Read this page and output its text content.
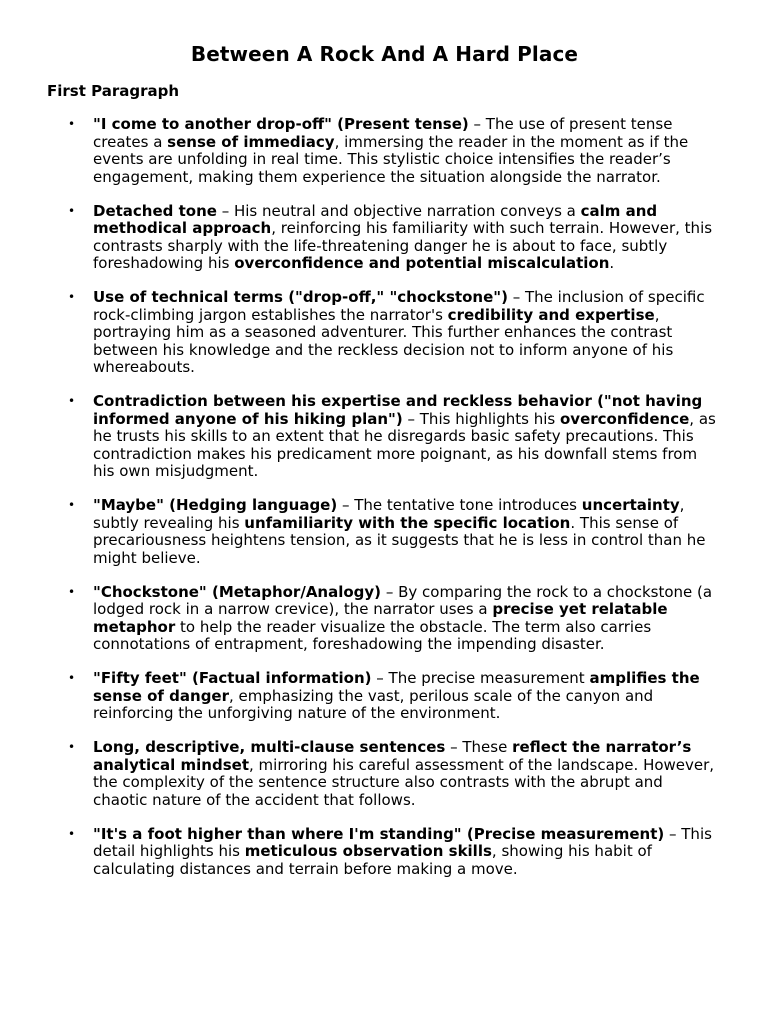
Between A Rock And A Hard Place
First Paragraph
• "I come to another drop-off" (Present tense) – The use of present tense creates a sense of immediacy, immersing the reader in the moment as if the events are unfolding in real time. This stylistic choice intensifies the reader’s engagement, making them experience the situation alongside the narrator.
• Detached tone – His neutral and objective narration conveys a calm and methodical approach, reinforcing his familiarity with such terrain. However, this contrasts sharply with the life-threatening danger he is about to face, subtly foreshadowing his overconfidence and potential miscalculation.
• Use of technical terms ("drop-off," "chockstone") – The inclusion of specific rock-climbing jargon establishes the narrator's credibility and expertise, portraying him as a seasoned adventurer. This further enhances the contrast between his knowledge and the reckless decision not to inform anyone of his whereabouts.
• Contradiction between his expertise and reckless behavior ("not having informed anyone of his hiking plan") – This highlights his overconfidence, as he trusts his skills to an extent that he disregards basic safety precautions. This contradiction makes his predicament more poignant, as his downfall stems from his own misjudgment.
• "Maybe" (Hedging language) – The tentative tone introduces uncertainty, subtly revealing his unfamiliarity with the specific location. This sense of precariousness heightens tension, as it suggests that he is less in control than he might believe.
• "Chockstone" (Metaphor/Analogy) – By comparing the rock to a chockstone (a lodged rock in a narrow crevice), the narrator uses a precise yet relatable metaphor to help the reader visualize the obstacle. The term also carries connotations of entrapment, foreshadowing the impending disaster.
• "Fifty feet" (Factual information) – The precise measurement amplifies the sense of danger, emphasizing the vast, perilous scale of the canyon and reinforcing the unforgiving nature of the environment.
• Long, descriptive, multi-clause sentences – These reflect the narrator’s analytical mindset, mirroring his careful assessment of the landscape. However, the complexity of the sentence structure also contrasts with the abrupt and chaotic nature of the accident that follows.
• "It's a foot higher than where I'm standing" (Precise measurement) – This detail highlights his meticulous observation skills, showing his habit of calculating distances and terrain before making a move.
